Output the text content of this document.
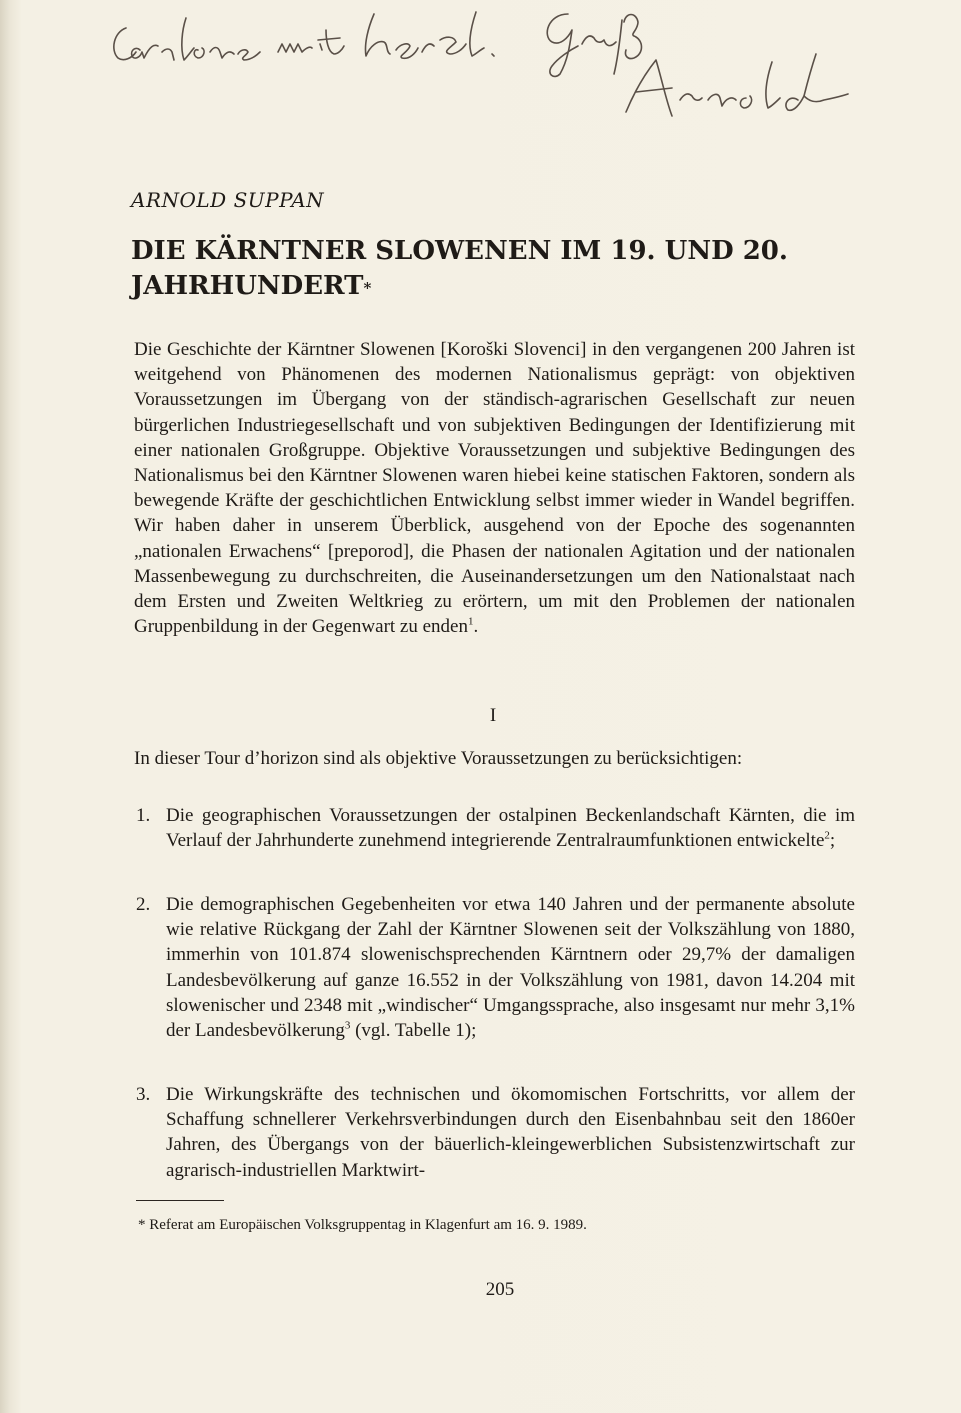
ARNOLD SUPPAN
DIE KÄRNTNER SLOWENEN IM 19. UND 20. JAHRHUNDERT*
Die Geschichte der Kärntner Slowenen [Koroški Slovenci] in den vergangenen 200 Jahren ist weitgehend von Phänomenen des modernen Nationalismus geprägt: von objektiven Voraussetzungen im Übergang von der ständisch-agrarischen Gesellschaft zur neuen bürgerlichen Industriegesellschaft und von subjektiven Bedingungen der Identifizierung mit einer nationalen Großgruppe. Objektive Voraussetzungen und subjektive Bedingungen des Nationalismus bei den Kärntner Slowenen waren hiebei keine statischen Faktoren, sondern als bewegende Kräfte der geschichtlichen Entwicklung selbst immer wieder in Wandel begriffen. Wir haben daher in unserem Überblick, ausgehend von der Epoche des sogenannten „nationalen Erwachens“ [preporod], die Phasen der nationalen Agitation und der nationalen Massenbewegung zu durchschreiten, die Auseinandersetzungen um den Nationalstaat nach dem Ersten und Zweiten Weltkrieg zu erörtern, um mit den Problemen der nationalen Gruppenbildung in der Gegenwart zu enden$^1$.
I
In dieser Tour d’horizon sind als objektive Voraussetzungen zu berücksichtigen:
1. Die geographischen Voraussetzungen der ostalpinen Beckenlandschaft Kärnten, die im Verlauf der Jahrhunderte zunehmend integrierende Zentralraumfunktionen entwickelte$^2$;
2. Die demographischen Gegebenheiten vor etwa 140 Jahren und der permanente absolute wie relative Rückgang der Zahl der Kärntner Slowenen seit der Volkszählung von 1880, immerhin von 101.874 slowenischsprechenden Kärntnern oder 29,7% der damaligen Landesbevölkerung auf ganze 16.552 in der Volkszählung von 1981, davon 14.204 mit slowenischer und 2348 mit „windischer“ Umgangssprache, also insgesamt nur mehr 3,1% der Landesbevölkerung$^3$ (vgl. Tabelle 1);
3. Die Wirkungskräfte des technischen und ökomomischen Fortschritts, vor allem der Schaffung schnellerer Verkehrsverbindungen durch den Eisenbahnbau seit den 1860er Jahren, des Übergangs von der bäuerlich-kleingewerblichen Subsistenzwirtschaft zur agrarisch-industriellen Marktwirt-
* Referat am Europäischen Volksgruppentag in Klagenfurt am 16. 9. 1989.
205
